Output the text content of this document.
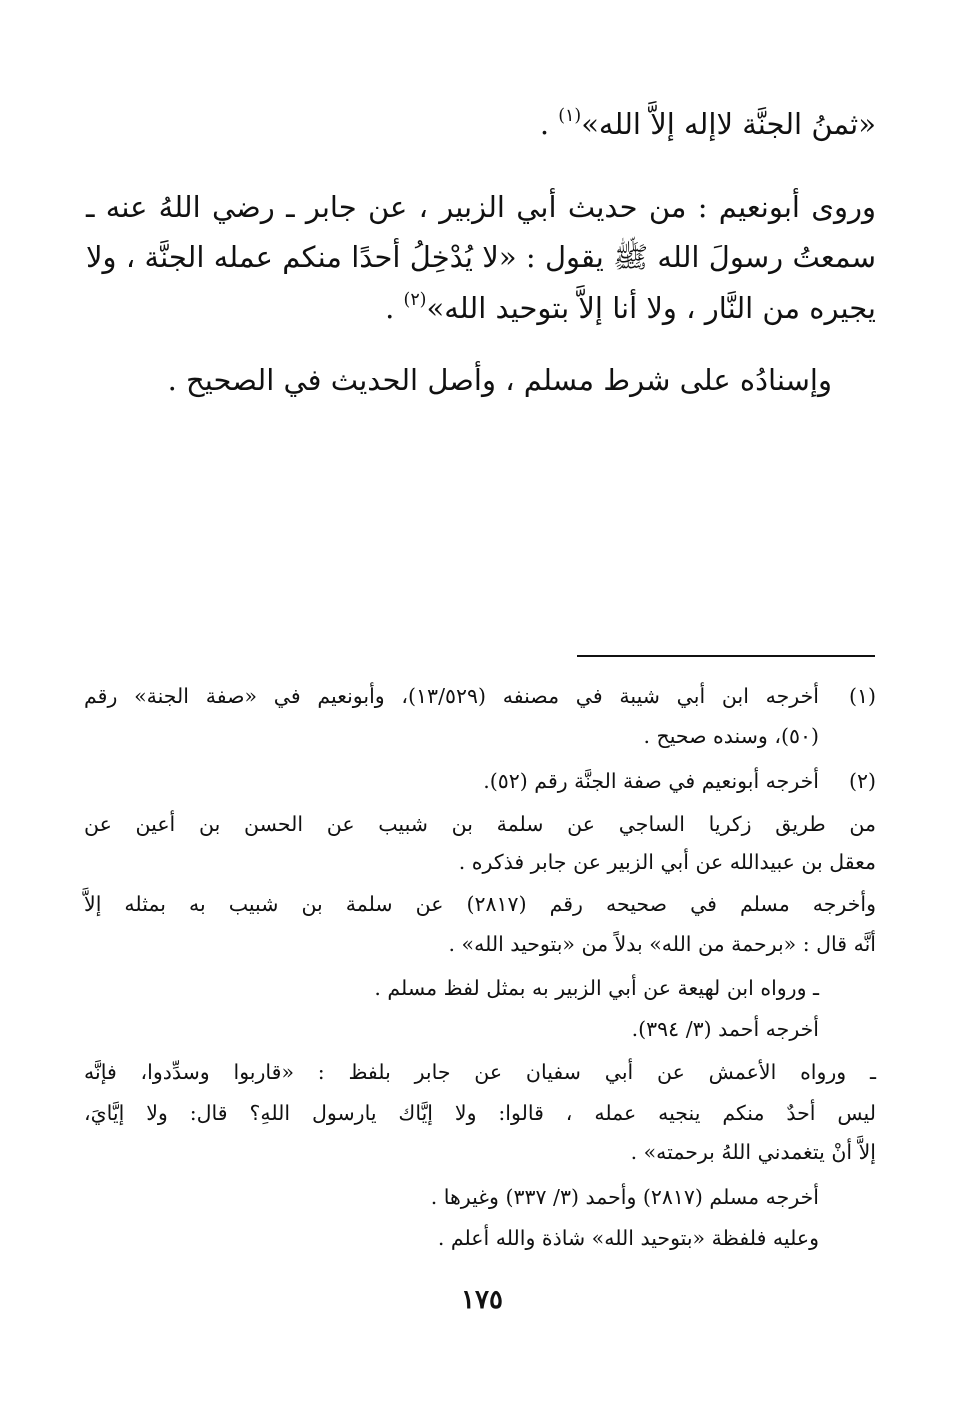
«ثمنُ الجنَّة لاإله إلاَّ الله»$^{(١)}$ .
وروى أبونعيم : من حديث أبي الزبير ، عن جابر ـ رضي اللهُ عنه ـ
سمعتُ رسولَ الله ﷺ يقول : «لا يُدْخِلُ أحدًا منكم عمله الجنَّة ، ولا
يجيره من النَّار ، ولا أنا إلاَّ بتوحيد الله»$^{(٢)}$ .
وإسنادُه على شرط مسلم ، وأصل الحديث في الصحيح .
(١)
أخرجه ابن أبي شيبة في مصنفه (١٣/٥٢٩)، وأبونعيم في «صفة الجنة» رقم
(٥٠)، وسنده صحيح .
(٢)
أخرجه أبونعيم في صفة الجنَّة رقم (٥٢).
من طريق زكريا الساجي عن سلمة بن شبيب عن الحسن بن أعين عن
معقل بن عبيدالله عن أبي الزبير عن جابر فذكره .
وأخرجه مسلم في صحيحه رقم (٢٨١٧) عن سلمة بن شبيب به بمثله إلاَّ
أنَّه قال : «برحمة من الله» بدلاً من «بتوحيد الله» .
ـ ورواه ابن لهيعة عن أبي الزبير به بمثل لفظ مسلم .
أخرجه أحمد (٣/ ٣٩٤).
ـ ورواه الأعمش عن أبي سفيان عن جابر بلفظ : «قاربوا وسدِّدوا، فإنَّه
ليس أحدٌ منكم ينجيه عمله ، قالوا: ولا إيَّاك يارسول اللهِ؟ قال: ولا إيَّايَ،
إلاَّ أنْ يتغمدني اللهُ برحمته» .
أخرجه مسلم (٢٨١٧) وأحمد (٣/ ٣٣٧) وغيرها .
وعليه فلفظة «بتوحيد الله» شاذة والله أعلم .
١٧٥
